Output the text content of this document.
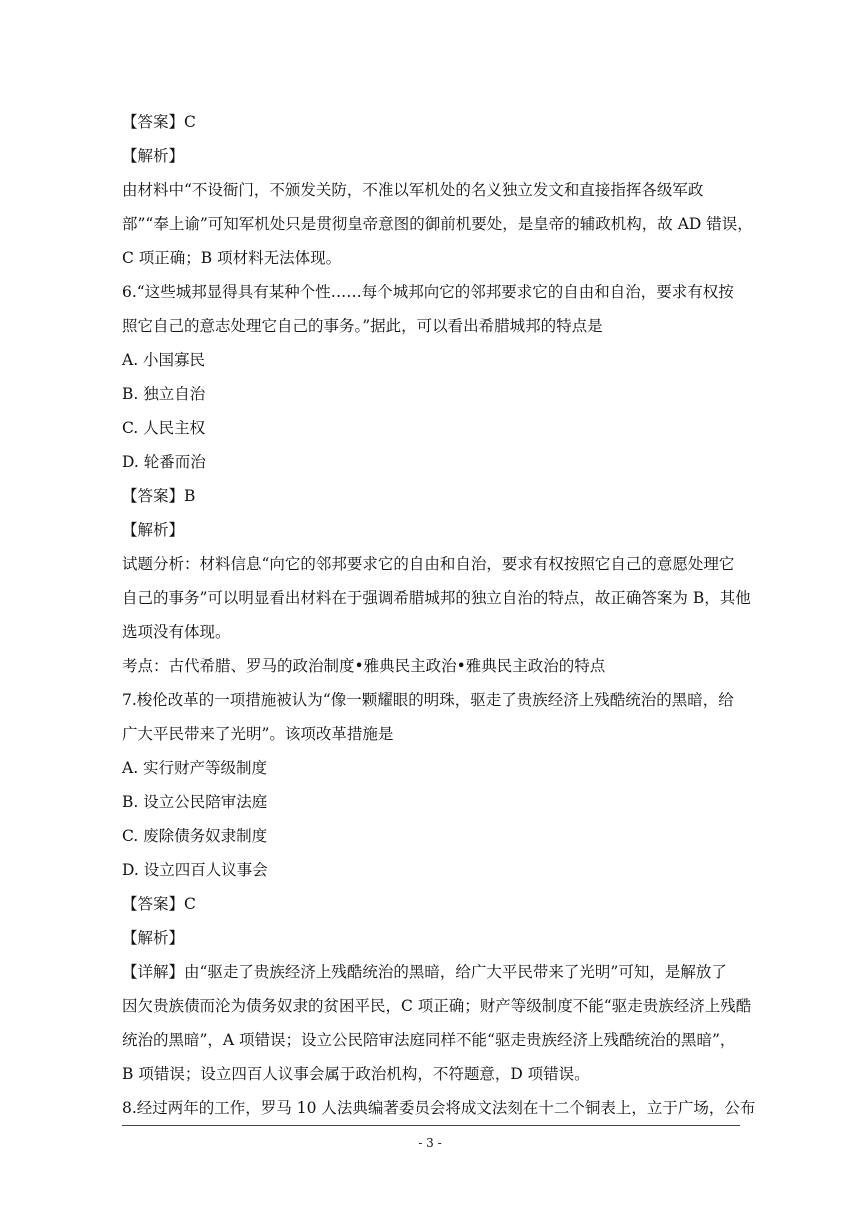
【答案】C
【解析】
由材料中“不设衙门，不颁发关防，不准以军机处的名义独立发文和直接指挥各级军政
部”“奉上谕”可知军机处只是贯彻皇帝意图的御前机要处，是皇帝的辅政机构，故 AD 错误，
C 项正确；B 项材料无法体现。
6.“这些城邦显得具有某种个性……每个城邦向它的邻邦要求它的自由和自治，要求有权按
照它自己的意志处理它自己的事务。”据此，可以看出希腊城邦的特点是
A. 小国寡民
B. 独立自治
C. 人民主权
D. 轮番而治
【答案】B
【解析】
试题分析：材料信息“向它的邻邦要求它的自由和自治，要求有权按照它自己的意愿处理它
自己的事务”可以明显看出材料在于强调希腊城邦的独立自治的特点，故正确答案为 B，其他
选项没有体现。
考点：古代希腊、罗马的政治制度•雅典民主政治•雅典民主政治的特点
7.梭伦改革的一项措施被认为“像一颗耀眼的明珠，驱走了贵族经济上残酷统治的黑暗，给
广大平民带来了光明”。该项改革措施是
A. 实行财产等级制度
B. 设立公民陪审法庭
C. 废除债务奴隶制度
D. 设立四百人议事会
【答案】C
【解析】
【详解】由“驱走了贵族经济上残酷统治的黑暗，给广大平民带来了光明”可知，是解放了
因欠贵族债而沦为债务奴隶的贫困平民，C 项正确；财产等级制度不能“驱走贵族经济上残酷
统治的黑暗”，A 项错误；设立公民陪审法庭同样不能“驱走贵族经济上残酷统治的黑暗”，
B 项错误；设立四百人议事会属于政治机构，不符题意，D 项错误。
8.经过两年的工作，罗马 10 人法典编著委员会将成文法刻在十二个铜表上，立于广场，公布
- 3 -
